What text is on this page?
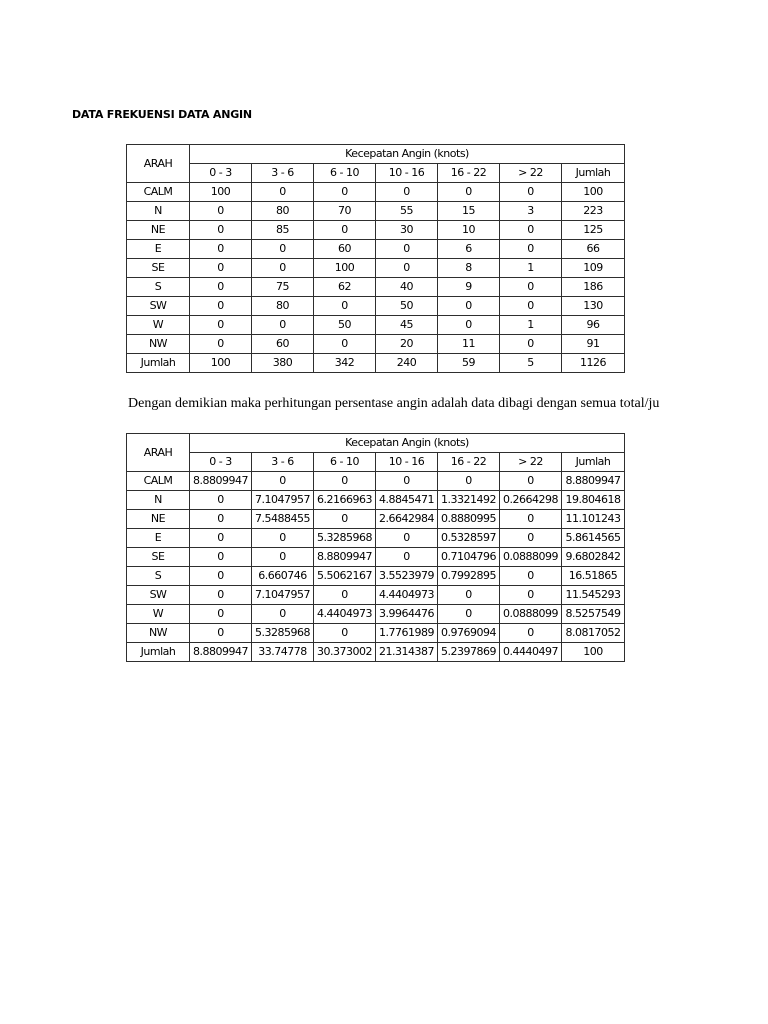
DATA FREKUENSI DATA ANGIN
ARAH	Kecepatan Angin (knots)						
	0 - 3	3 - 6	6 - 10	10 - 16	16 - 22	> 22	Jumlah
CALM	100	0	0	0	0	0	100
N	0	80	70	55	15	3	223
NE	0	85	0	30	10	0	125
E	0	0	60	0	6	0	66
SE	0	0	100	0	8	1	109
S	0	75	62	40	9	0	186
SW	0	80	0	50	0	0	130
W	0	0	50	45	0	1	96
NW	0	60	0	20	11	0	91
Jumlah	100	380	342	240	59	5	1126
Dengan demikian maka perhitungan persentase angin adalah data dibagi dengan semua total/ju
ARAH	Kecepatan Angin (knots)						
	0 - 3	3 - 6	6 - 10	10 - 16	16 - 22	> 22	Jumlah
CALM	8.8809947	0	0	0	0	0	8.8809947
N	0	7.1047957	6.2166963	4.8845471	1.3321492	0.2664298	19.804618
NE	0	7.5488455	0	2.6642984	0.8880995	0	11.101243
E	0	0	5.3285968	0	0.5328597	0	5.8614565
SE	0	0	8.8809947	0	0.7104796	0.0888099	9.6802842
S	0	6.660746	5.5062167	3.5523979	0.7992895	0	16.51865
SW	0	7.1047957	0	4.4404973	0	0	11.545293
W	0	0	4.4404973	3.9964476	0	0.0888099	8.5257549
NW	0	5.3285968	0	1.7761989	0.9769094	0	8.0817052
Jumlah	8.8809947	33.74778	30.373002	21.314387	5.2397869	0.4440497	100
